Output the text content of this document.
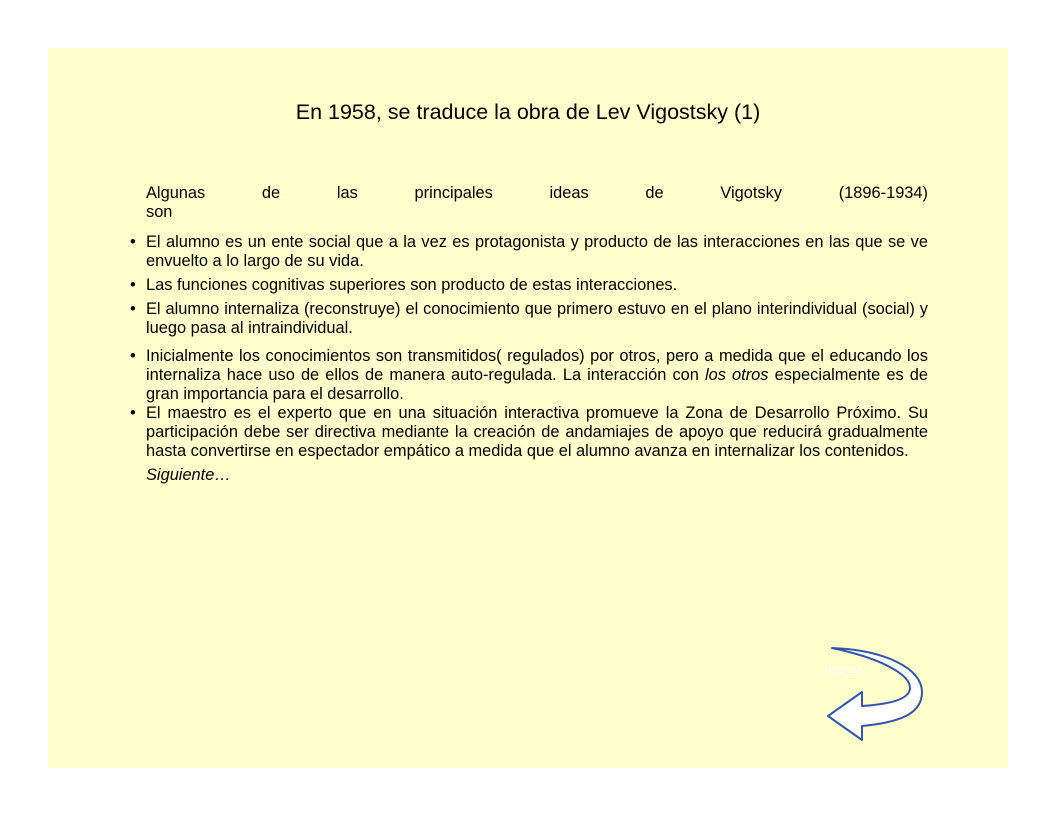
En 1958, se traduce la obra de Lev Vigostsky (1)
Algunas de las principales ideas de Vigotsky (1896-1934)
son
• El alumno es un ente social que a la vez es protagonista y producto de las interacciones en las que se ve envuelto a lo largo de su vida.
• Las funciones cognitivas superiores son producto de estas interacciones.
• El alumno internaliza (reconstruye) el conocimiento que primero estuvo en el plano interindividual (social) y luego pasa al intraindividual.
• Inicialmente los conocimientos son transmitidos( regulados) por otros, pero a medida que el educando los internaliza hace uso de ellos de manera auto-regulada. La interacción con los otros especialmente es de gran importancia para el desarrollo.
• El maestro es el experto que en una situación interactiva promueve la Zona de Desarrollo Próximo. Su participación debe ser directiva mediante la creación de andamiajes de apoyo que reducirá gradualmente hasta convertirse en espectador empático a medida que el alumno avanza en internalizar los contenidos.
Siguiente…
Regresa
